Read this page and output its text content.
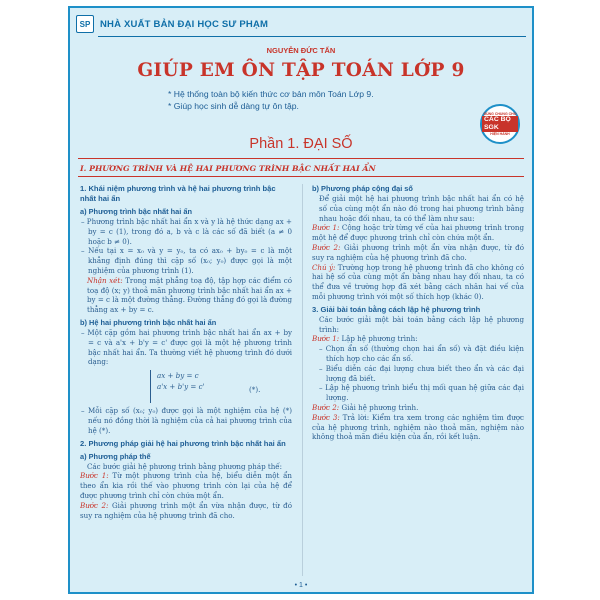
SP	NHÀ XUẤT BẢN ĐẠI HỌC SƯ PHẠM
NGUYỄN ĐỨC TẤN
GIÚP EM ÔN TẬP TOÁN LỚP 9
* Hệ thống toàn bộ kiến thức cơ bản môn Toán Lớp 9.
* Giúp học sinh dễ dàng tự ôn tập.
DÙNG CHUNG CHO
CÁC BỘ SGK
HIỆN HÀNH
Phần 1. ĐẠI SỐ
I. PHƯƠNG TRÌNH VÀ HỆ HAI PHƯƠNG TRÌNH BẬC NHẤT HAI ẨN
1. Khái niệm phương trình và hệ hai phương trình bậc nhất hai ẩn
a) Phương trình bậc nhất hai ẩn
– Phương trình bậc nhất hai ẩn x và y là hệ thức dạng ax + by = c (1), trong đó a, b và c là các số đã biết (a ≠ 0 hoặc b ≠ 0).
– Nếu tại x = x₀ và y = y₀, ta có ax₀ + by₀ = c là một khẳng định đúng thì cặp số (x₀; y₀) được gọi là một nghiệm của phương trình (1).
Nhận xét: Trong mặt phẳng toạ độ, tập hợp các điểm có toạ độ (x; y) thoả mãn phương trình bậc nhất hai ẩn ax + by = c là một đường thẳng. Đường thẳng đó gọi là đường thẳng ax + by = c.
b) Hệ hai phương trình bậc nhất hai ẩn
– Một cặp gồm hai phương trình bậc nhất hai ẩn ax + by = c và a'x + b'y = c' được gọi là một hệ phương trình bậc nhất hai ẩn. Ta thường viết hệ phương trình đó dưới dạng:
ax + by = c
a'x + b'y = c'	(*).
– Mỗi cặp số (x₀; y₀) được gọi là một nghiệm của hệ (*) nếu nó đồng thời là nghiệm của cả hai phương trình của hệ (*).
2. Phương pháp giải hệ hai phương trình bậc nhất hai ẩn
a) Phương pháp thế
Các bước giải hệ phương trình bằng phương pháp thế:
Bước 1: Từ một phương trình của hệ, biểu diễn một ẩn theo ẩn kia rồi thế vào phương trình còn lại của hệ để được phương trình chỉ còn chứa một ẩn.
Bước 2: Giải phương trình một ẩn vừa nhận được, từ đó suy ra nghiệm của hệ phương trình đã cho.
b) Phương pháp cộng đại số
Để giải một hệ hai phương trình bậc nhất hai ẩn có hệ số của cùng một ẩn nào đó trong hai phương trình bằng nhau hoặc đối nhau, ta có thể làm như sau:
Bước 1: Cộng hoặc trừ từng vế của hai phương trình trong một hệ để được phương trình chỉ còn chứa một ẩn.
Bước 2: Giải phương trình một ẩn vừa nhận được, từ đó suy ra nghiệm của hệ phương trình đã cho.
Chú ý: Trường hợp trong hệ phương trình đã cho không có hai hệ số của cùng một ẩn bằng nhau hay đối nhau, ta có thể đưa về trường hợp đã xét bằng cách nhân hai vế của mỗi phương trình với một số thích hợp (khác 0).
3. Giải bài toán bằng cách lập hệ phương trình
Các bước giải một bài toán bằng cách lập hệ phương trình:
Bước 1: Lập hệ phương trình:
– Chọn ẩn số (thường chọn hai ẩn số) và đặt điều kiện thích hợp cho các ẩn số.
– Biểu diễn các đại lượng chưa biết theo ẩn và các đại lượng đã biết.
– Lập hệ phương trình biểu thị mối quan hệ giữa các đại lượng.
Bước 2: Giải hệ phương trình.
Bước 3: Trả lời: Kiểm tra xem trong các nghiệm tìm được của hệ phương trình, nghiệm nào thoả mãn, nghiệm nào không thoả mãn điều kiện của ẩn, rồi kết luận.
• 1 •
